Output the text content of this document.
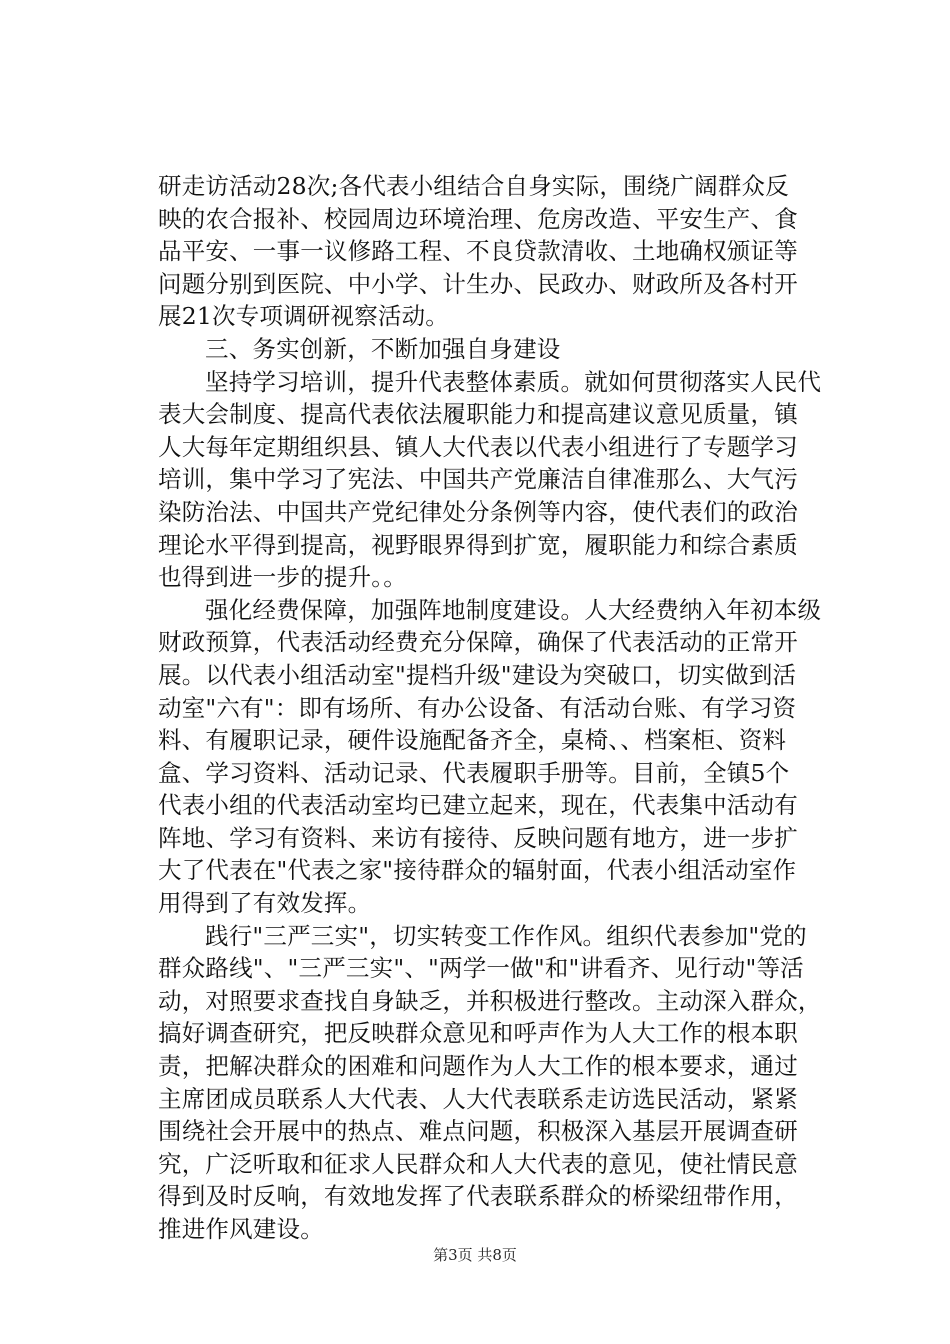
研走访活动28次;各代表小组结合自身实际，围绕广阔群众反
映的农合报补、校园周边环境治理、危房改造、平安生产、食
品平安、一事一议修路工程、不良贷款清收、土地确权颁证等
问题分别到医院、中小学、计生办、民政办、财政所及各村开
展21次专项调研视察活动。
三、务实创新，不断加强自身建设
坚持学习培训，提升代表整体素质。就如何贯彻落实人民代
表大会制度、提高代表依法履职能力和提高建议意见质量，镇
人大每年定期组织县、镇人大代表以代表小组进行了专题学习
培训，集中学习了宪法、中国共产党廉洁自律准那么、大气污
染防治法、中国共产党纪律处分条例等内容，使代表们的政治
理论水平得到提高，视野眼界得到扩宽，履职能力和综合素质
也得到进一步的提升。。
强化经费保障，加强阵地制度建设。人大经费纳入年初本级
财政预算，代表活动经费充分保障，确保了代表活动的正常开
展。以代表小组活动室"提档升级"建设为突破口，切实做到活
动室"六有"：即有场所、有办公设备、有活动台账、有学习资
料、有履职记录，硬件设施配备齐全，桌椅、、档案柜、资料
盒、学习资料、活动记录、代表履职手册等。目前，全镇5个
代表小组的代表活动室均已建立起来，现在，代表集中活动有
阵地、学习有资料、来访有接待、反映问题有地方，进一步扩
大了代表在"代表之家"接待群众的辐射面，代表小组活动室作
用得到了有效发挥。
践行"三严三实"，切实转变工作作风。组织代表参加"党的
群众路线"、"三严三实"、"两学一做"和"讲看齐、见行动"等活
动，对照要求查找自身缺乏，并积极进行整改。主动深入群众，
搞好调查研究，把反映群众意见和呼声作为人大工作的根本职
责，把解决群众的困难和问题作为人大工作的根本要求，通过
主席团成员联系人大代表、人大代表联系走访选民活动，紧紧
围绕社会开展中的热点、难点问题，积极深入基层开展调查研
究，广泛听取和征求人民群众和人大代表的意见，使社情民意
得到及时反响，有效地发挥了代表联系群众的桥梁纽带作用，
推进作风建设。
第3页 共8页
